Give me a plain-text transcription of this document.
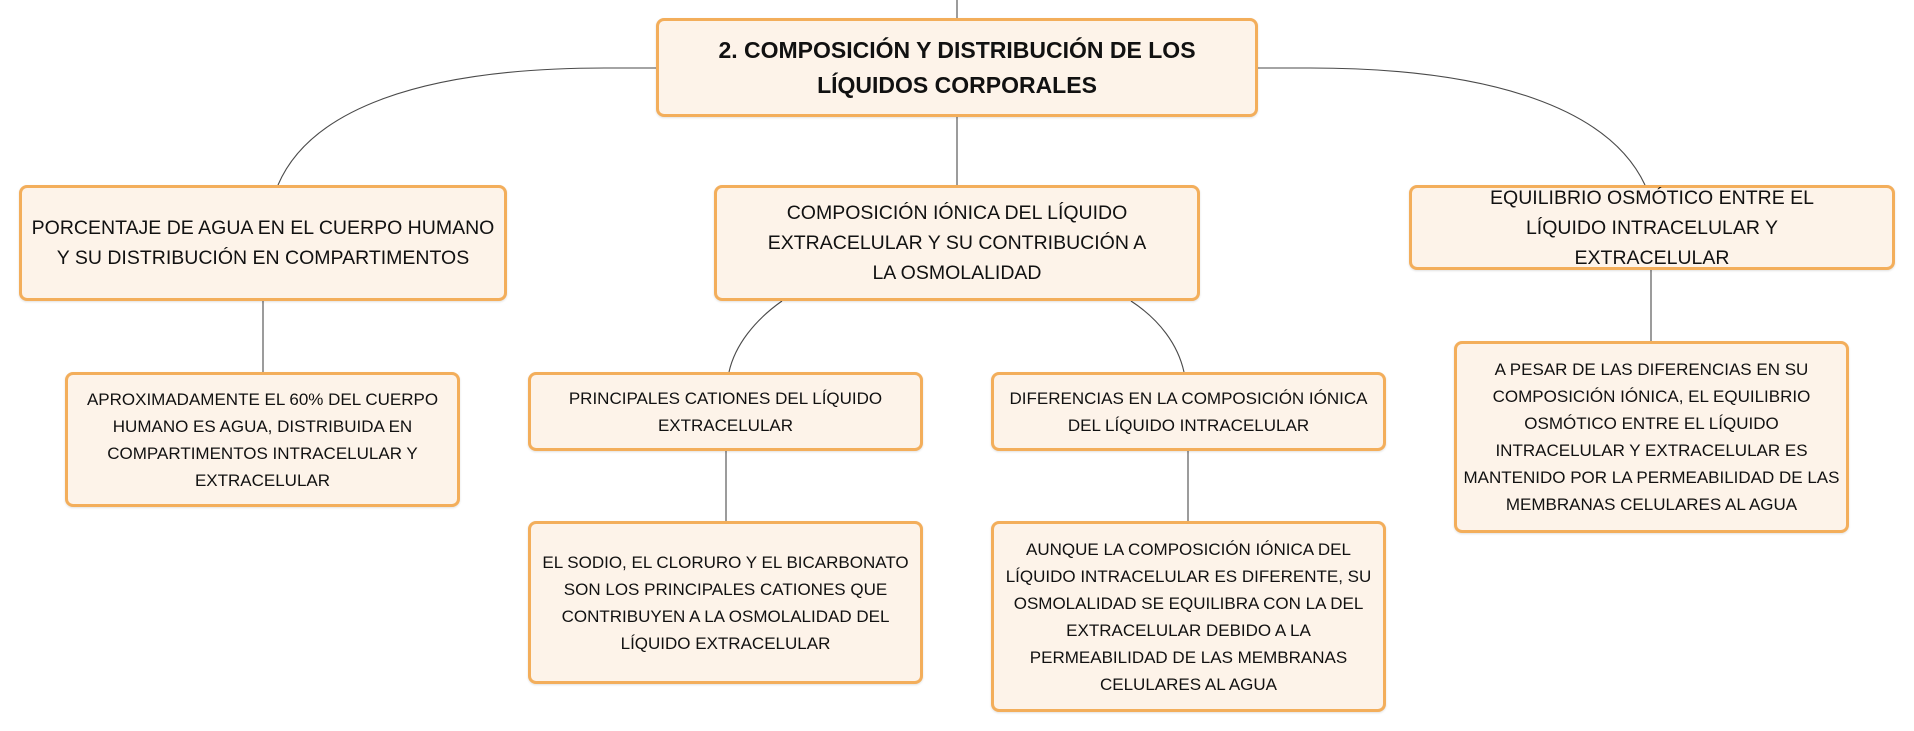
2. COMPOSICIÓN Y DISTRIBUCIÓN DE LOS LÍQUIDOS CORPORALES
PORCENTAJE DE AGUA EN EL CUERPO HUMANO Y SU DISTRIBUCIÓN EN COMPARTIMENTOS
COMPOSICIÓN IÓNICA DEL LÍQUIDO EXTRACELULAR Y SU CONTRIBUCIÓN A LA OSMOLALIDAD
EQUILIBRIO OSMÓTICO ENTRE EL LÍQUIDO INTRACELULAR Y EXTRACELULAR
APROXIMADAMENTE EL 60% DEL CUERPO HUMANO ES AGUA, DISTRIBUIDA EN COMPARTIMENTOS INTRACELULAR Y EXTRACELULAR
PRINCIPALES CATIONES DEL LÍQUIDO EXTRACELULAR
DIFERENCIAS EN LA COMPOSICIÓN IÓNICA DEL LÍQUIDO INTRACELULAR
A PESAR DE LAS DIFERENCIAS EN SU COMPOSICIÓN IÓNICA, EL EQUILIBRIO OSMÓTICO ENTRE EL LÍQUIDO INTRACELULAR Y EXTRACELULAR ES MANTENIDO POR LA PERMEABILIDAD DE LAS MEMBRANAS CELULARES AL AGUA
EL SODIO, EL CLORURO Y EL BICARBONATO SON LOS PRINCIPALES CATIONES QUE CONTRIBUYEN A LA OSMOLALIDAD DEL LÍQUIDO EXTRACELULAR
AUNQUE LA COMPOSICIÓN IÓNICA DEL LÍQUIDO INTRACELULAR ES DIFERENTE, SU OSMOLALIDAD SE EQUILIBRA CON LA DEL EXTRACELULAR DEBIDO A LA PERMEABILIDAD DE LAS MEMBRANAS CELULARES AL AGUA
